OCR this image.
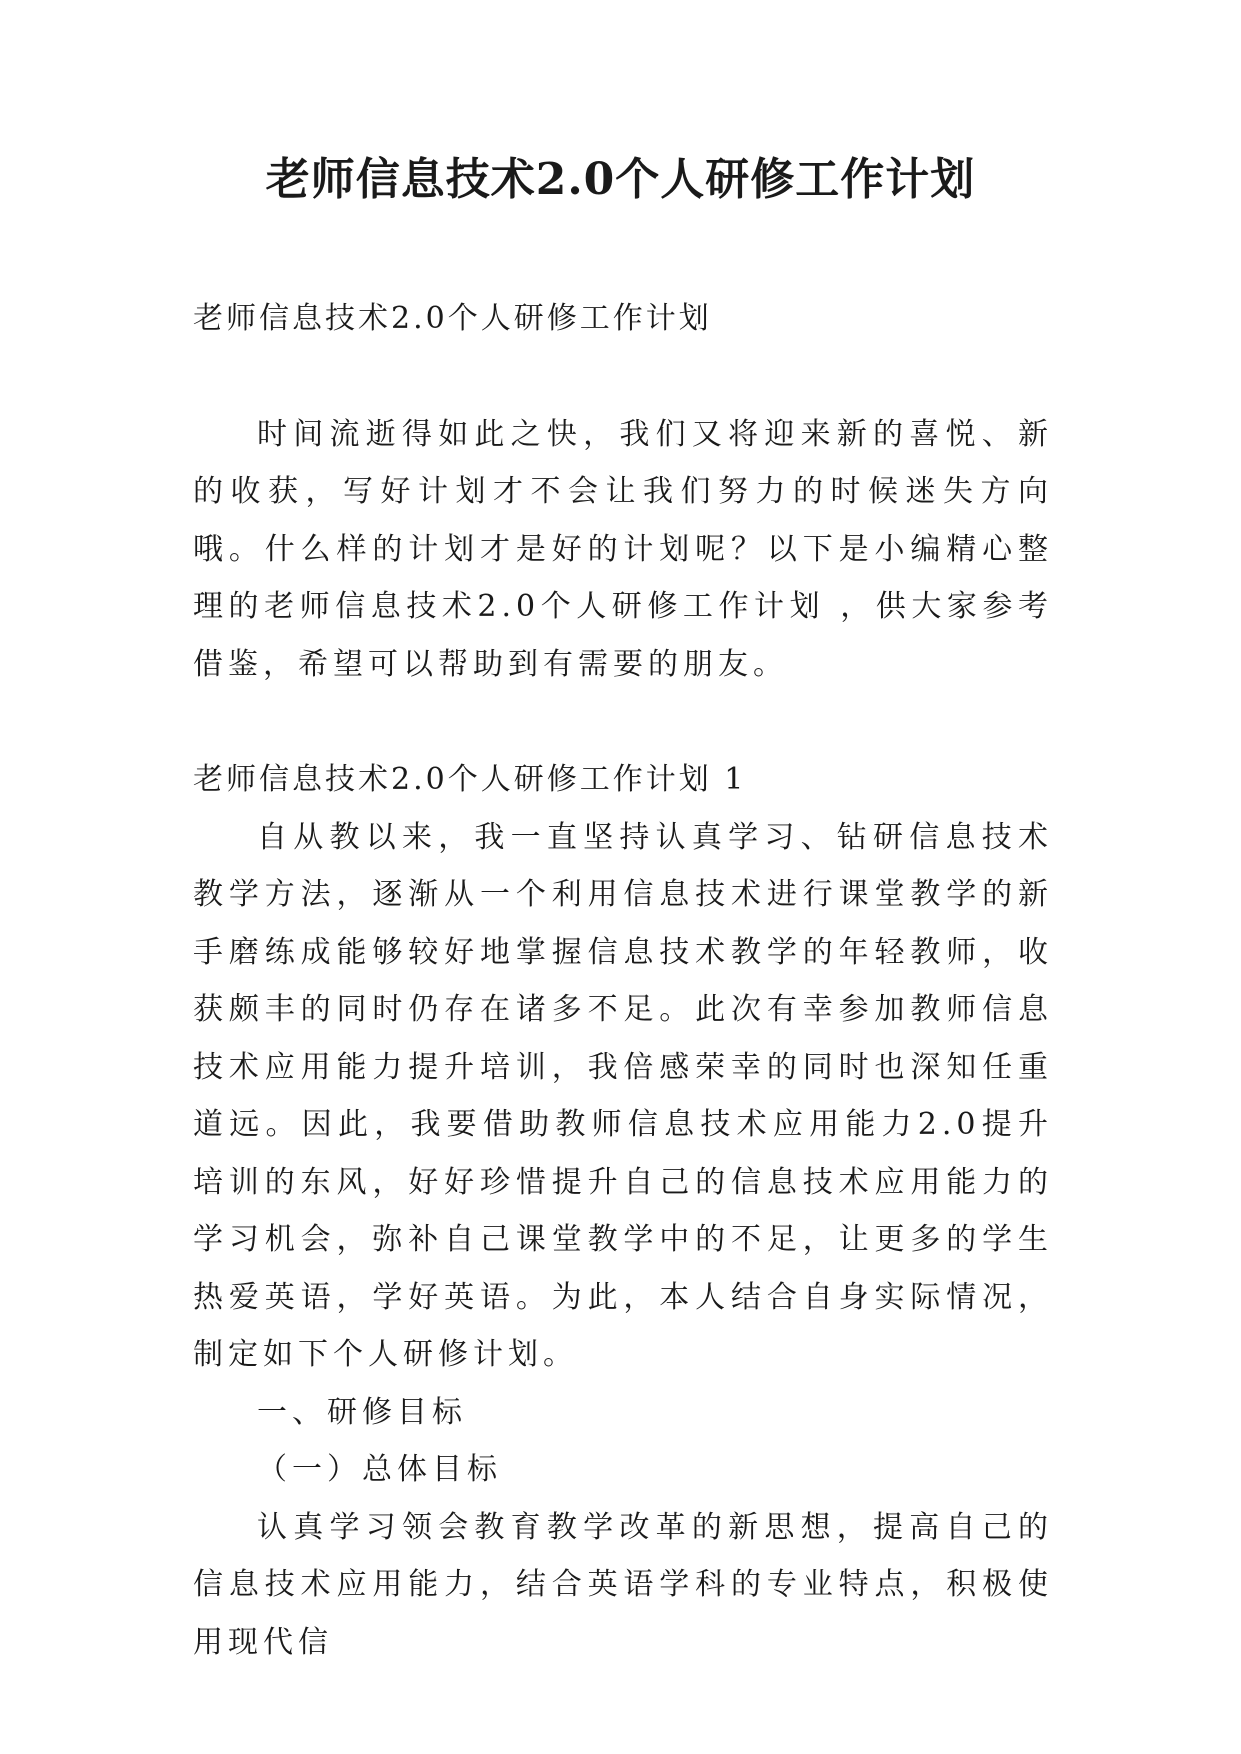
老师信息技术2.0个人研修工作计划

老师信息技术2.0个人研修工作计划

时间流逝得如此之快，我们又将迎来新的喜悦、新的收获，写好计划才不会让我们努力的时候迷失方向哦。什么样的计划才是好的计划呢？以下是小编精心整理的老师信息技术2.0个人研修工作计划 ，供大家参考借鉴，希望可以帮助到有需要的朋友。

老师信息技术2.0个人研修工作计划 1

自从教以来，我一直坚持认真学习、钻研信息技术教学方法，逐渐从一个利用信息技术进行课堂教学的新手磨练成能够较好地掌握信息技术教学的年轻教师，收获颇丰的同时仍存在诸多不足。此次有幸参加教师信息技术应用能力提升培训，我倍感荣幸的同时也深知任重道远。因此，我要借助教师信息技术应用能力2.0提升培训的东风，好好珍惜提升自己的信息技术应用能力的学习机会，弥补自己课堂教学中的不足，让更多的学生热爱英语，学好英语。为此，本人结合自身实际情况，制定如下个人研修计划。

一、研修目标

（一）总体目标

认真学习领会教育教学改革的新思想，提高自己的信息技术应用能力，结合英语学科的专业特点，积极使用现代信
